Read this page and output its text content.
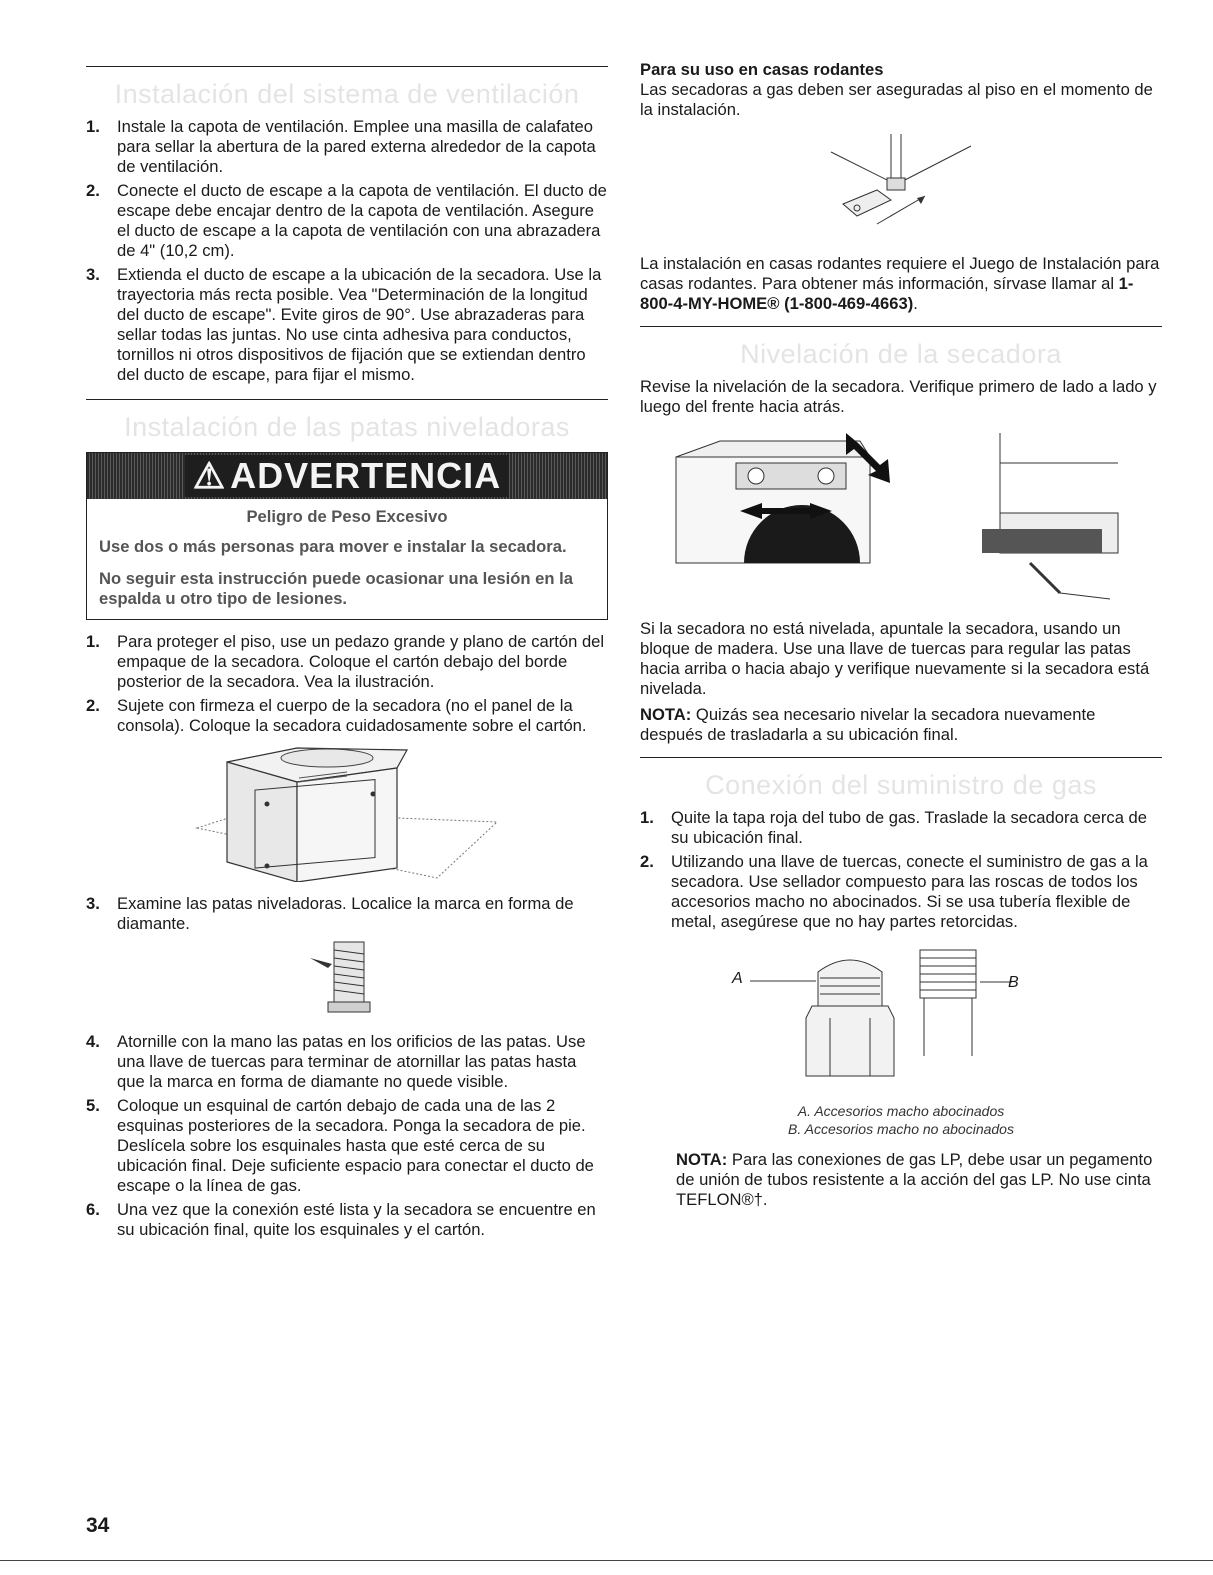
Instalación del sistema de ventilación
1. Instale la capota de ventilación. Emplee una masilla de calafateo para sellar la abertura de la pared externa alrededor de la capota de ventilación.
2. Conecte el ducto de escape a la capota de ventilación. El ducto de escape debe encajar dentro de la capota de ventilación. Asegure el ducto de escape a la capota de ventilación con una abrazadera de 4" (10,2 cm).
3. Extienda el ducto de escape a la ubicación de la secadora. Use la trayectoria más recta posible. Vea "Determinación de la longitud del ducto de escape". Evite giros de 90°. Use abrazaderas para sellar todas las juntas. No use cinta adhesiva para conductos, tornillos ni otros dispositivos de fijación que se extiendan dentro del ducto de escape, para fijar el mismo.
Instalación de las patas niveladoras
⚠ ADVERTENCIA
Peligro de Peso Excesivo
Use dos o más personas para mover e instalar la secadora.
No seguir esta instrucción puede ocasionar una lesión en la espalda u otro tipo de lesiones.
1. Para proteger el piso, use un pedazo grande y plano de cartón del empaque de la secadora. Coloque el cartón debajo del borde posterior de la secadora. Vea la ilustración.
2. Sujete con firmeza el cuerpo de la secadora (no el panel de la consola). Coloque la secadora cuidadosamente sobre el cartón.
3. Examine las patas niveladoras. Localice la marca en forma de diamante.
4. Atornille con la mano las patas en los orificios de las patas. Use una llave de tuercas para terminar de atornillar las patas hasta que la marca en forma de diamante no quede visible.
5. Coloque un esquinal de cartón debajo de cada una de las 2 esquinas posteriores de la secadora. Ponga la secadora de pie. Deslícela sobre los esquinales hasta que esté cerca de su ubicación final. Deje suficiente espacio para conectar el ducto de escape o la línea de gas.
6. Una vez que la conexión esté lista y la secadora se encuentre en su ubicación final, quite los esquinales y el cartón.
Para su uso en casas rodantes

Las secadoras a gas deben ser aseguradas al piso en el momento de la instalación.

La instalación en casas rodantes requiere el Juego de Instalación para casas rodantes. Para obtener más información, sírvase llamar al 1-800-4-MY-HOME® (1-800-469-4663).

Nivelación de la secadora

Revise la nivelación de la secadora. Verifique primero de lado a lado y luego del frente hacia atrás.

Si la secadora no está nivelada, apuntale la secadora, usando un bloque de madera. Use una llave de tuercas para regular las patas hacia arriba o hacia abajo y verifique nuevamente si la secadora está nivelada.

NOTA: Quizás sea necesario nivelar la secadora nuevamente después de trasladarla a su ubicación final.

Conexión del suministro de gas
1. Quite la tapa roja del tubo de gas. Traslade la secadora cerca de su ubicación final.
2. Utilizando una llave de tuercas, conecte el suministro de gas a la secadora. Use sellador compuesto para las roscas de todos los accesorios macho no abocinados. Si se usa tubería flexible de metal, asegúrese que no hay partes retorcidas.
A	B
A. Accesorios macho abocinados
B. Accesorios macho no abocinados

NOTA: Para las conexiones de gas LP, debe usar un pegamento de unión de tubos resistente a la acción del gas LP. No use cinta TEFLON®†.

34
